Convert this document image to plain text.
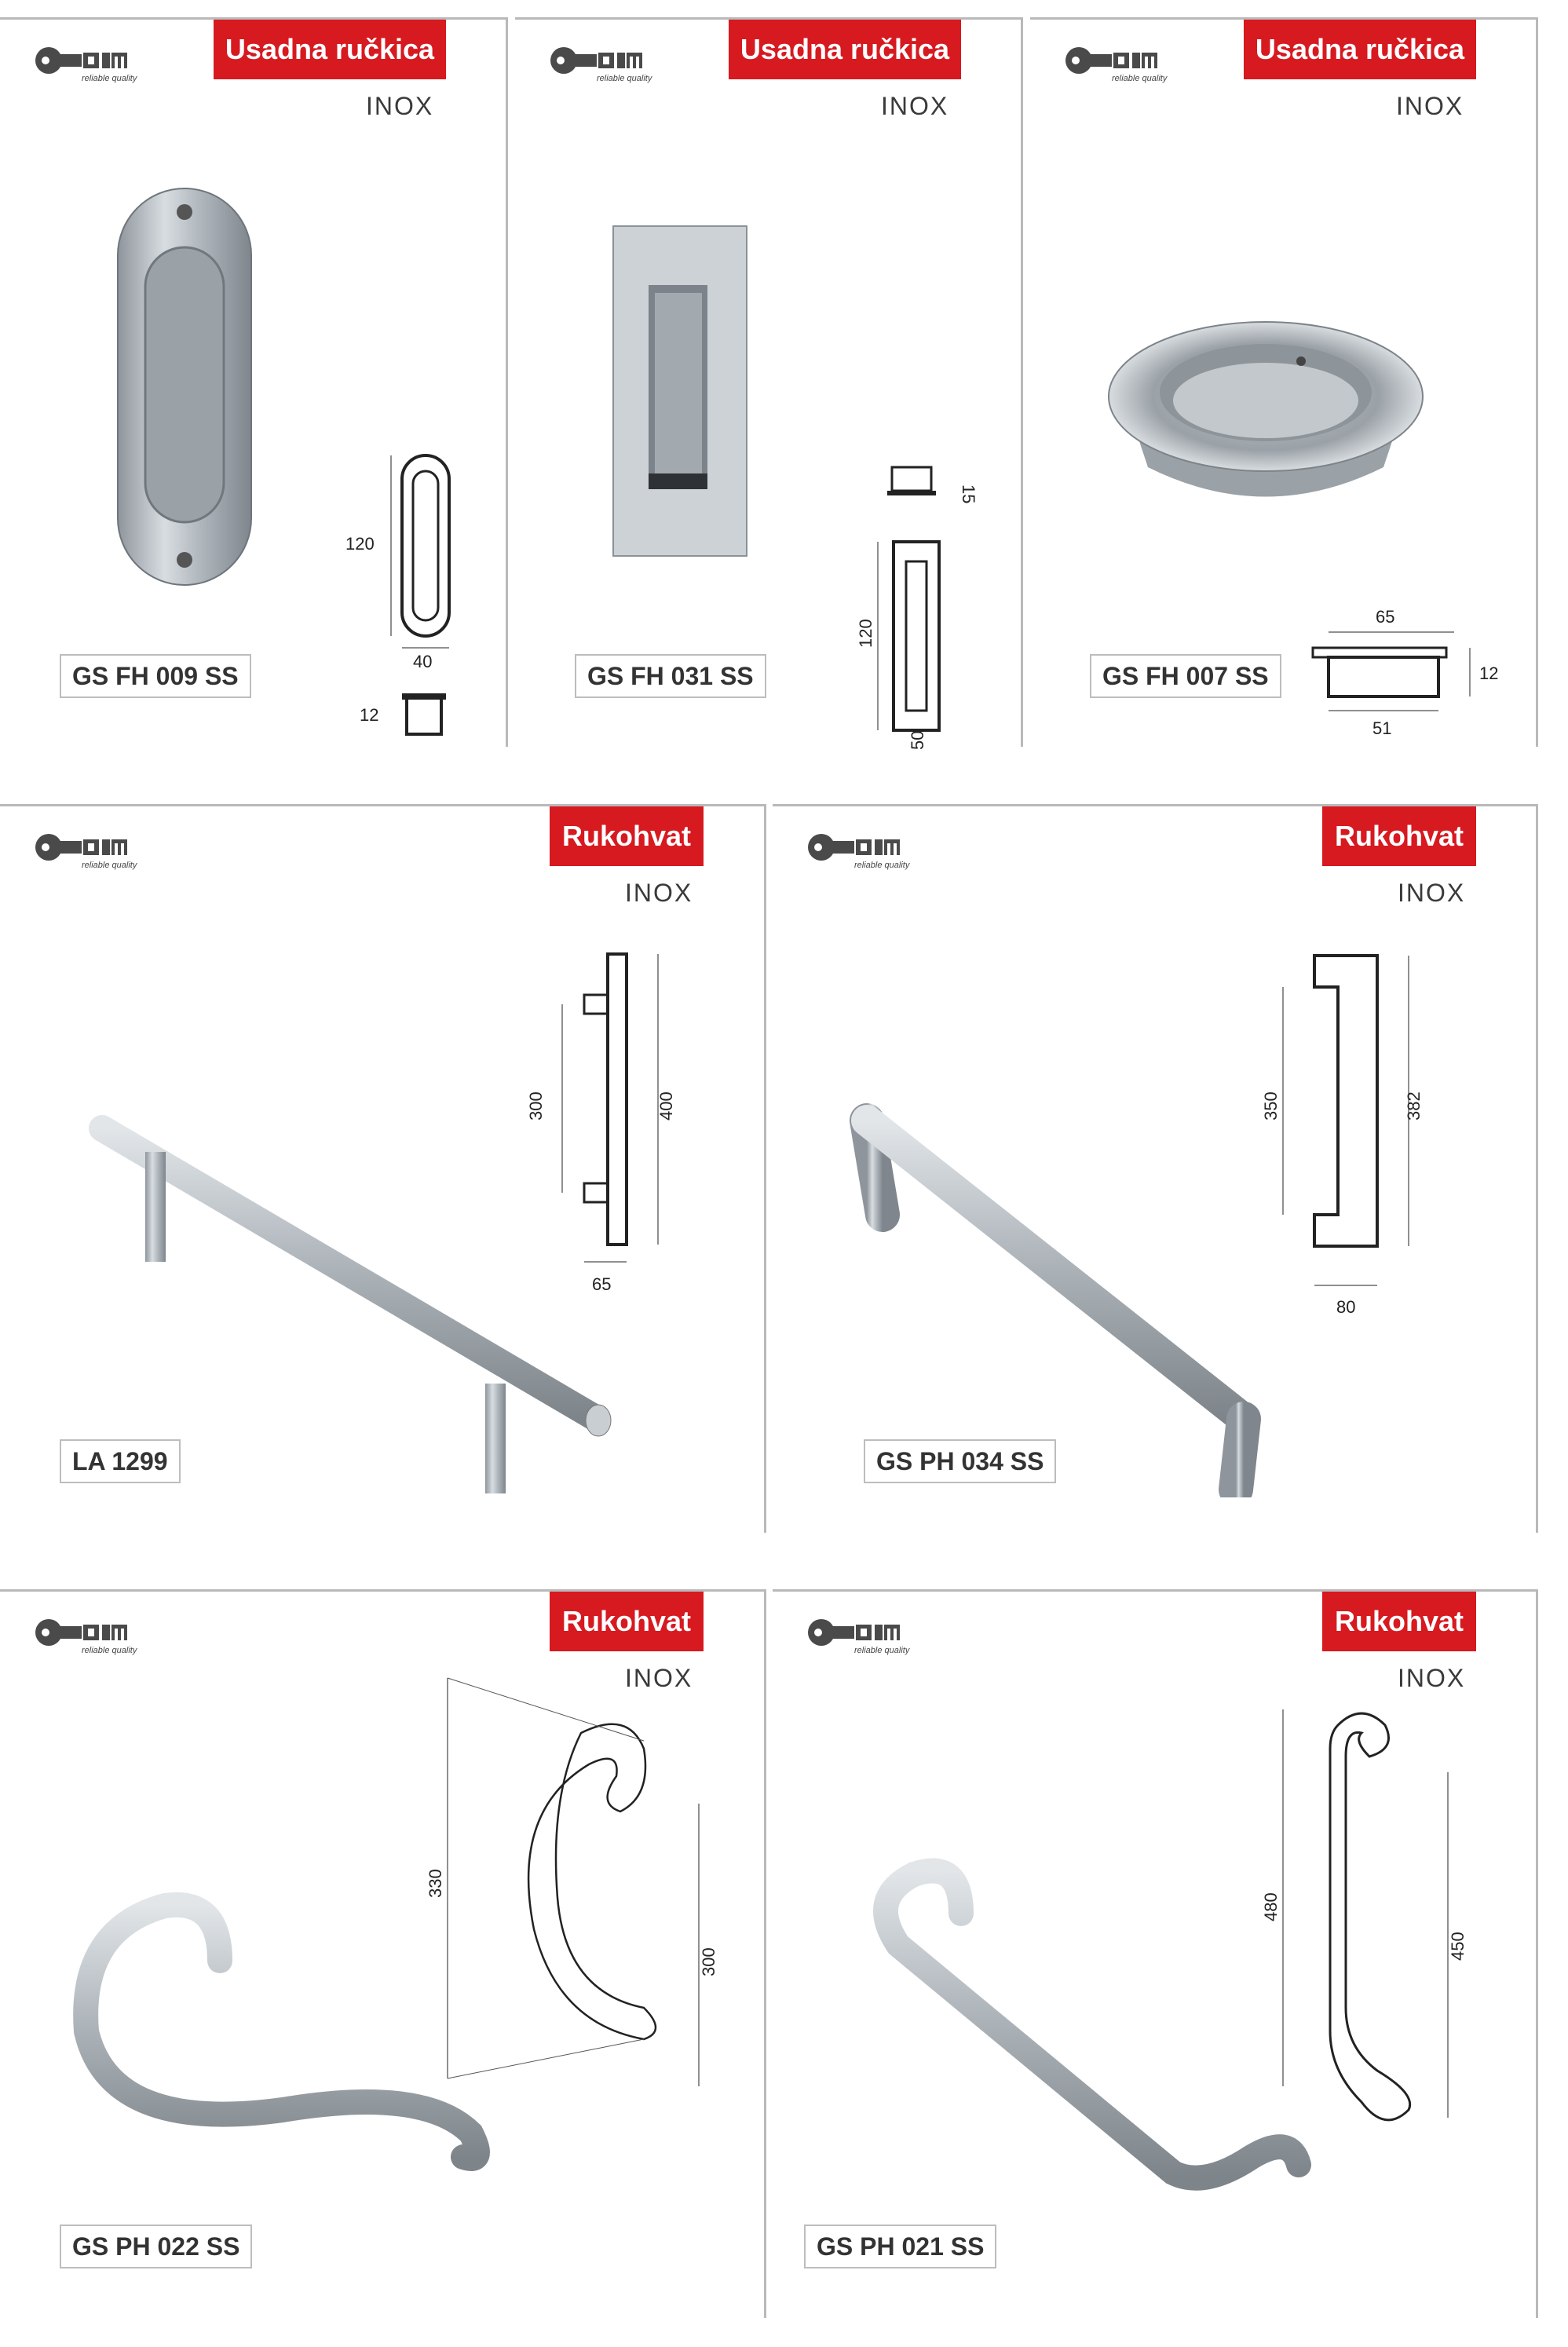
reliable quality
Usadna ručkica
INOX
120
40
12
GS FH 009 SS
reliable quality
Usadna ručkica
INOX
15
120
50
GS FH 031 SS
reliable quality
Usadna ručkica
INOX
65
12
51
GS FH 007 SS
reliable quality
Rukohvat
INOX
300	400
65
LA 1299
reliable quality
Rukohvat
INOX
350	382
80
GS PH 034 SS
reliable quality
Rukohvat
INOX
330
300
GS PH 022 SS
reliable quality
Rukohvat
INOX
480
450
GS PH 021 SS
